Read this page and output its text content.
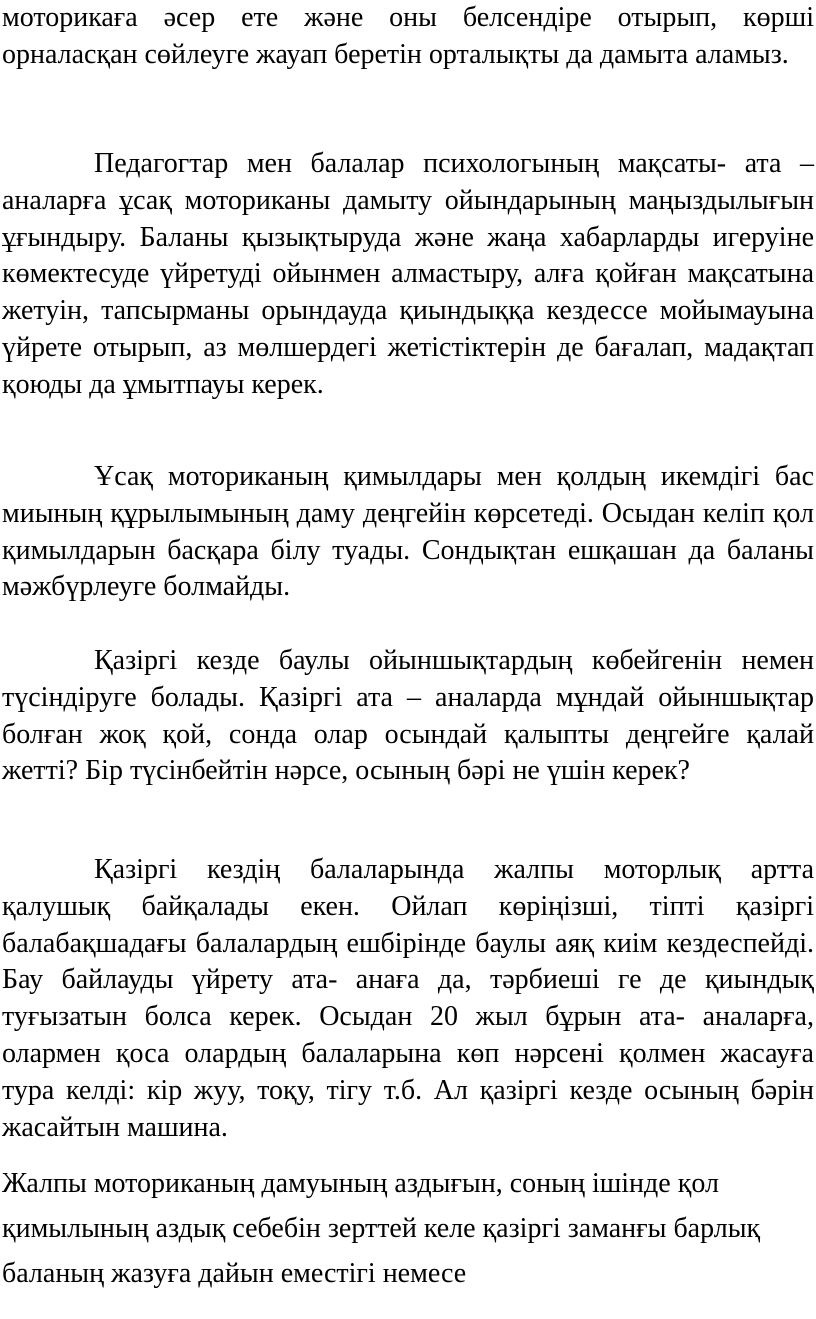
моторикаға әсер ете және оны белсендіре отырып, көрші орналасқан сөйлеуге жауап беретін орталықты да дамыта аламыз.

Педагогтар мен балалар психологының мақсаты- ата – аналарға ұсақ моториканы дамыту ойындарының маңыздылығын ұғындыру. Баланы қызықтыруда және жаңа хабарларды игеруіне көмектесуде үйретуді ойынмен алмастыру, алға қойған мақсатына жетуін, тапсырманы орындауда қиындыққа кездессе мойымауына үйрете отырып, аз мөлшердегі жетістіктерін де бағалап, мадақтап қоюды да ұмытпауы керек.

Ұсақ моториканың қимылдары мен қолдың икемдігі бас миының құрылымының даму деңгейін көрсетеді. Осыдан келіп қол қимылдарын басқара білу туады. Сондықтан ешқашан да баланы мәжбүрлеуге болмайды.

Қазіргі кезде баулы ойыншықтардың көбейгенін немен түсіндіруге болады. Қазіргі ата – аналарда мұндай ойыншықтар болған жоқ қой, сонда олар осындай қалыпты деңгейге қалай жетті? Бір түсінбейтін нәрсе, осының бәрі не үшін керек?

Қазіргі кездің балаларында жалпы моторлық артта қалушық байқалады екен. Ойлап көріңізші, тіпті қазіргі балабақшадағы балалардың ешбірінде баулы аяқ киім кездеспейді. Бау байлауды үйрету ата- анаға да, тәрбиеші ге де қиындық туғызатын болса керек. Осыдан 20 жыл бұрын ата- аналарға, олармен қоса олардың балаларына көп нәрсені қолмен жасауға тура келді: кір жуу, тоқу, тігу т.б. Ал қазіргі кезде осының бәрін жасайтын машина.

Жалпы моториканың дамуының аздығын, соның ішінде қол қимылының аздық себебін зерттей келе қазіргі заманғы барлық баланың жазуға дайын еместігі немесе
